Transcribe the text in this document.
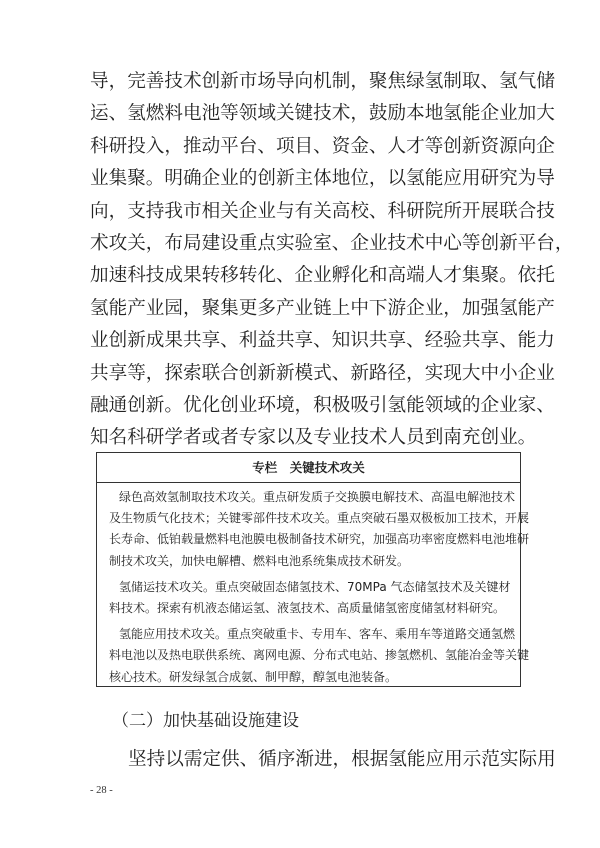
导，完善技术创新市场导向机制，聚焦绿氢制取、氢气储
运、氢燃料电池等领域关键技术，鼓励本地氢能企业加大
科研投入，推动平台、项目、资金、人才等创新资源向企
业集聚。明确企业的创新主体地位，以氢能应用研究为导
向，支持我市相关企业与有关高校、科研院所开展联合技
术攻关，布局建设重点实验室、企业技术中心等创新平台，
加速科技成果转移转化、企业孵化和高端人才集聚。依托
氢能产业园，聚集更多产业链上中下游企业，加强氢能产
业创新成果共享、利益共享、知识共享、经验共享、能力
共享等，探索联合创新新模式、新路径，实现大中小企业
融通创新。优化创业环境，积极吸引氢能领域的企业家、
知名科研学者或者专家以及专业技术人员到南充创业。
专栏　关键技术攻关
绿色高效氢制取技术攻关。重点研发质子交换膜电解技术、高温电解池技术
及生物质气化技术；关键零部件技术攻关。重点突破石墨双极板加工技术，开展
长寿命、低铂载量燃料电池膜电极制备技术研究，加强高功率密度燃料电池堆研
制技术攻关，加快电解槽、燃料电池系统集成技术研发。
氢储运技术攻关。重点突破固态储氢技术、70MPa 气态储氢技术及关键材
料技术。探索有机液态储运氢、液氢技术、高质量储氢密度储氢材料研究。
氢能应用技术攻关。重点突破重卡、专用车、客车、乘用车等道路交通氢燃
料电池以及热电联供系统、离网电源、分布式电站、掺氢燃机、氢能冶金等关键
核心技术。研发绿氢合成氨、制甲醇，醇氢电池装备。
（二）加快基础设施建设
坚持以需定供、循序渐进，根据氢能应用示范实际用
- 28 -
